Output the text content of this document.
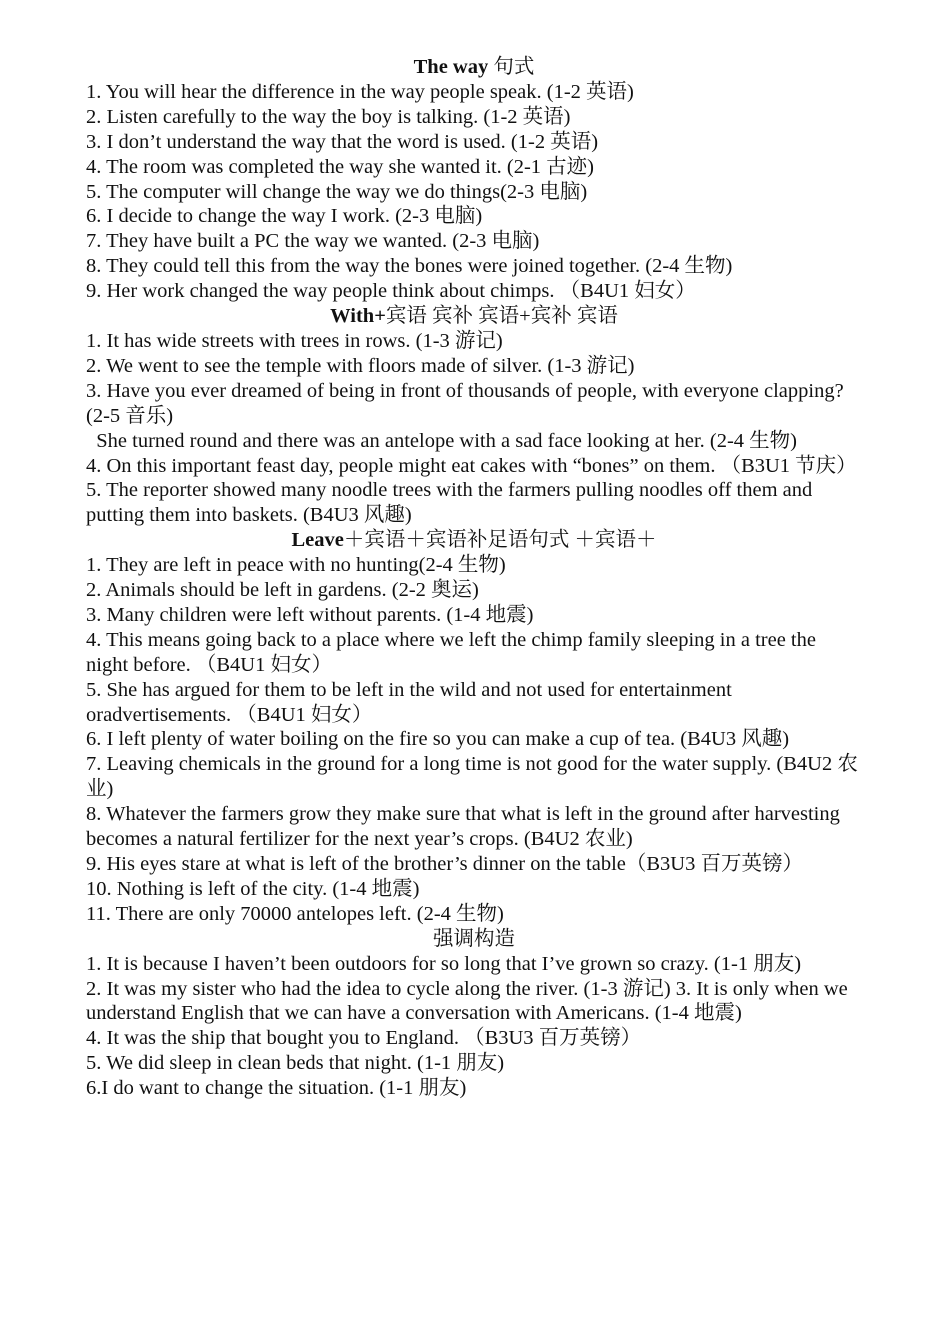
The way 句式

1. You will hear the difference in the way people speak. (1-2 英语)

2. Listen carefully to the way the boy is talking. (1-2 英语)

3. I don’t understand the way that the word is used. (1-2 英语)

4. The room was completed the way she wanted it. (2-1 古迹)

5. The computer will change the way we do things(2-3 电脑)

6. I decide to change the way I work. (2-3 电脑)

7. They have built a PC the way we wanted. (2-3 电脑)

8. They could tell this from the way the bones were joined together. (2-4 生物)

9. Her work changed the way people think about chimps. （B4U1 妇女）

With+宾语 宾补 宾语+宾补 宾语

1. It has wide streets with trees in rows. (1-3 游记)

2. We went to see the temple with floors made of silver. (1-3 游记)

3. Have you ever dreamed of being in front of thousands of people, with everyone clapping? (2-5 音乐)

She turned round and there was an antelope with a sad face looking at her. (2-4 生物)

4. On this important feast day, people might eat cakes with “bones” on them. （B3U1 节庆）

5. The reporter showed many noodle trees with the farmers pulling noodles off them and putting them into baskets. (B4U3 风趣)

Leave＋宾语＋宾语补足语句式 ＋宾语＋

1. They are left in peace with no hunting(2-4 生物)

2. Animals should be left in gardens. (2-2 奥运)

3. Many children were left without parents. (1-4 地震)

4. This means going back to a place where we left the chimp family sleeping in a tree the night before. （B4U1 妇女）

5. She has argued for them to be left in the wild and not used for entertainment oradvertisements. （B4U1 妇女）

6. I left plenty of water boiling on the fire so you can make a cup of tea. (B4U3 风趣)

7. Leaving chemicals in the ground for a long time is not good for the water supply. (B4U2 农业)

8. Whatever the farmers grow they make sure that what is left in the ground after harvesting becomes a natural fertilizer for the next year’s crops. (B4U2 农业)

9. His eyes stare at what is left of the brother’s dinner on the table（B3U3 百万英镑）

10. Nothing is left of the city. (1-4 地震)

11. There are only 70000 antelopes left. (2-4 生物)

强调构造

1. It is because I haven’t been outdoors for so long that I’ve grown so crazy. (1-1 朋友)

2. It was my sister who had the idea to cycle along the river. (1-3 游记) 3. It is only when we understand English that we can have a conversation with Americans. (1-4 地震)

4. It was the ship that bought you to England. （B3U3 百万英镑）

5. We did sleep in clean beds that night. (1-1 朋友)

6.I do want to change the situation. (1-1 朋友)
